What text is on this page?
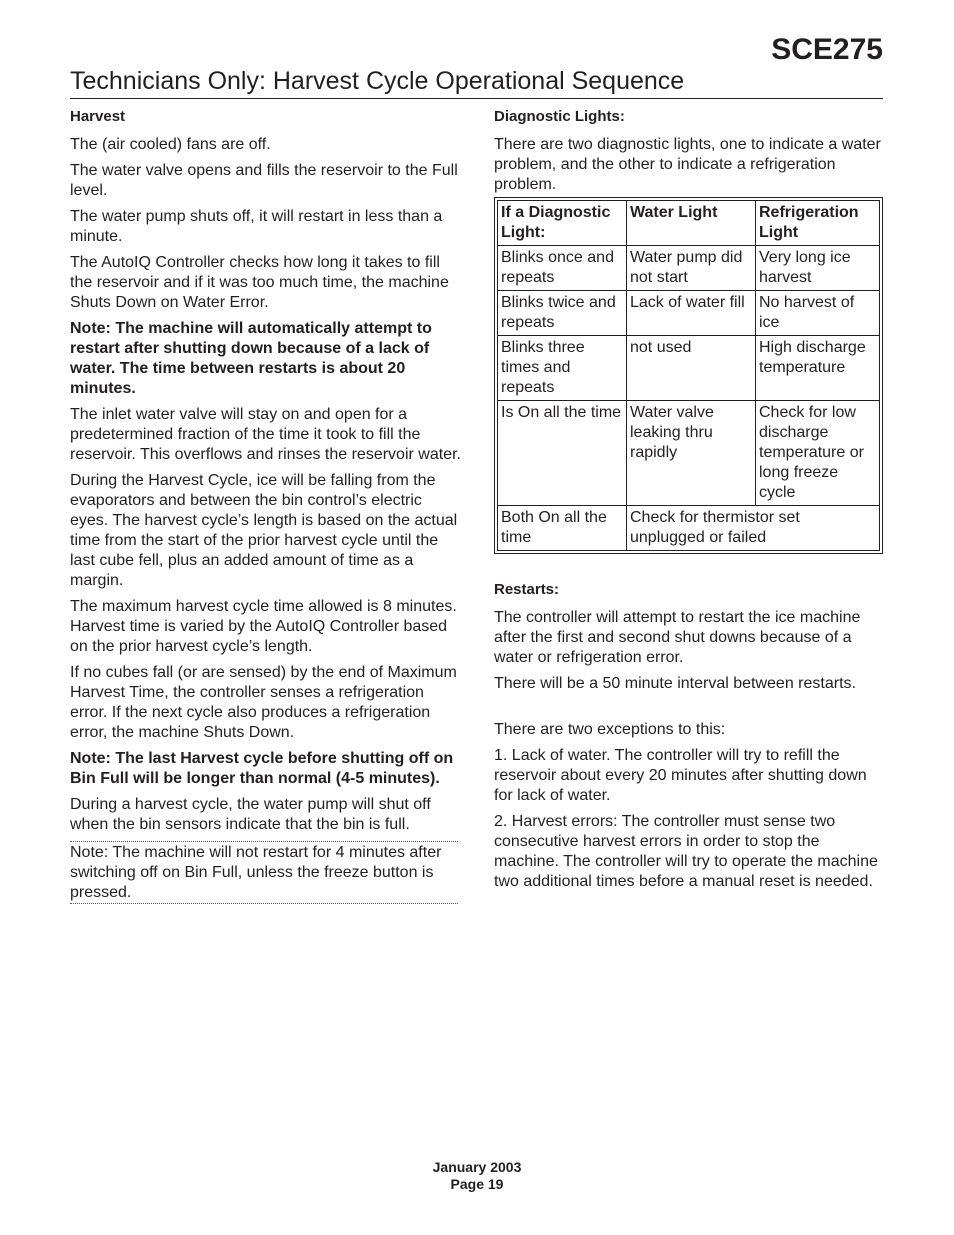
SCE275
Technicians Only: Harvest Cycle Operational Sequence

Harvest

The (air cooled) fans are off.

The water valve opens and fills the reservoir to the Full level.

The water pump shuts off, it will restart in less than a minute.

The AutoIQ Controller checks how long it takes to fill the reservoir and if it was too much time, the machine Shuts Down on Water Error.

Note: The machine will automatically attempt to restart after shutting down because of a lack of water. The time between restarts is about 20 minutes.

The inlet water valve will stay on and open for a predetermined fraction of the time it took to fill the reservoir. This overflows and rinses the reservoir water.

During the Harvest Cycle, ice will be falling from the evaporators and between the bin control’s electric eyes. The harvest cycle’s length is based on the actual time from the start of the prior harvest cycle until the last cube fell, plus an added amount of time as a margin.

The maximum harvest cycle time allowed is 8 minutes. Harvest time is varied by the AutoIQ Controller based on the prior harvest cycle’s length.

If no cubes fall (or are sensed) by the end of Maximum Harvest Time, the controller senses a refrigeration error. If the next cycle also produces a refrigeration error, the machine Shuts Down.

Note: The last Harvest cycle before shutting off on Bin Full will be longer than normal (4-5 minutes).

During a harvest cycle, the water pump will shut off when the bin sensors indicate that the bin is full.

Note: The machine will not restart for 4 minutes after switching off on Bin Full, unless the freeze button is pressed.

Diagnostic Lights:

There are two diagnostic lights, one to indicate a water problem, and the other to indicate a refrigeration problem.

If a Diagnostic Light:	Water Light	Refrigeration Light
Blinks once and repeats	Water pump did not start	Very long ice harvest
Blinks twice and repeats	Lack of water fill	No harvest of ice
Blinks three times and repeats	not used	High discharge temperature
Is On all the time	Water valve leaking thru rapidly	Check for low discharge temperature or long freeze cycle
Both On all the time	Check for thermistor set unplugged or failed	

Restarts:

The controller will attempt to restart the ice machine after the first and second shut downs because of a water or refrigeration error.

There will be a 50 minute interval between restarts.

There are two exceptions to this:

1. Lack of water. The controller will try to refill the reservoir about every 20 minutes after shutting down for lack of water.

2. Harvest errors: The controller must sense two consecutive harvest errors in order to stop the machine. The controller will try to operate the machine two additional times before a manual reset is needed.

January 2003
Page 19
